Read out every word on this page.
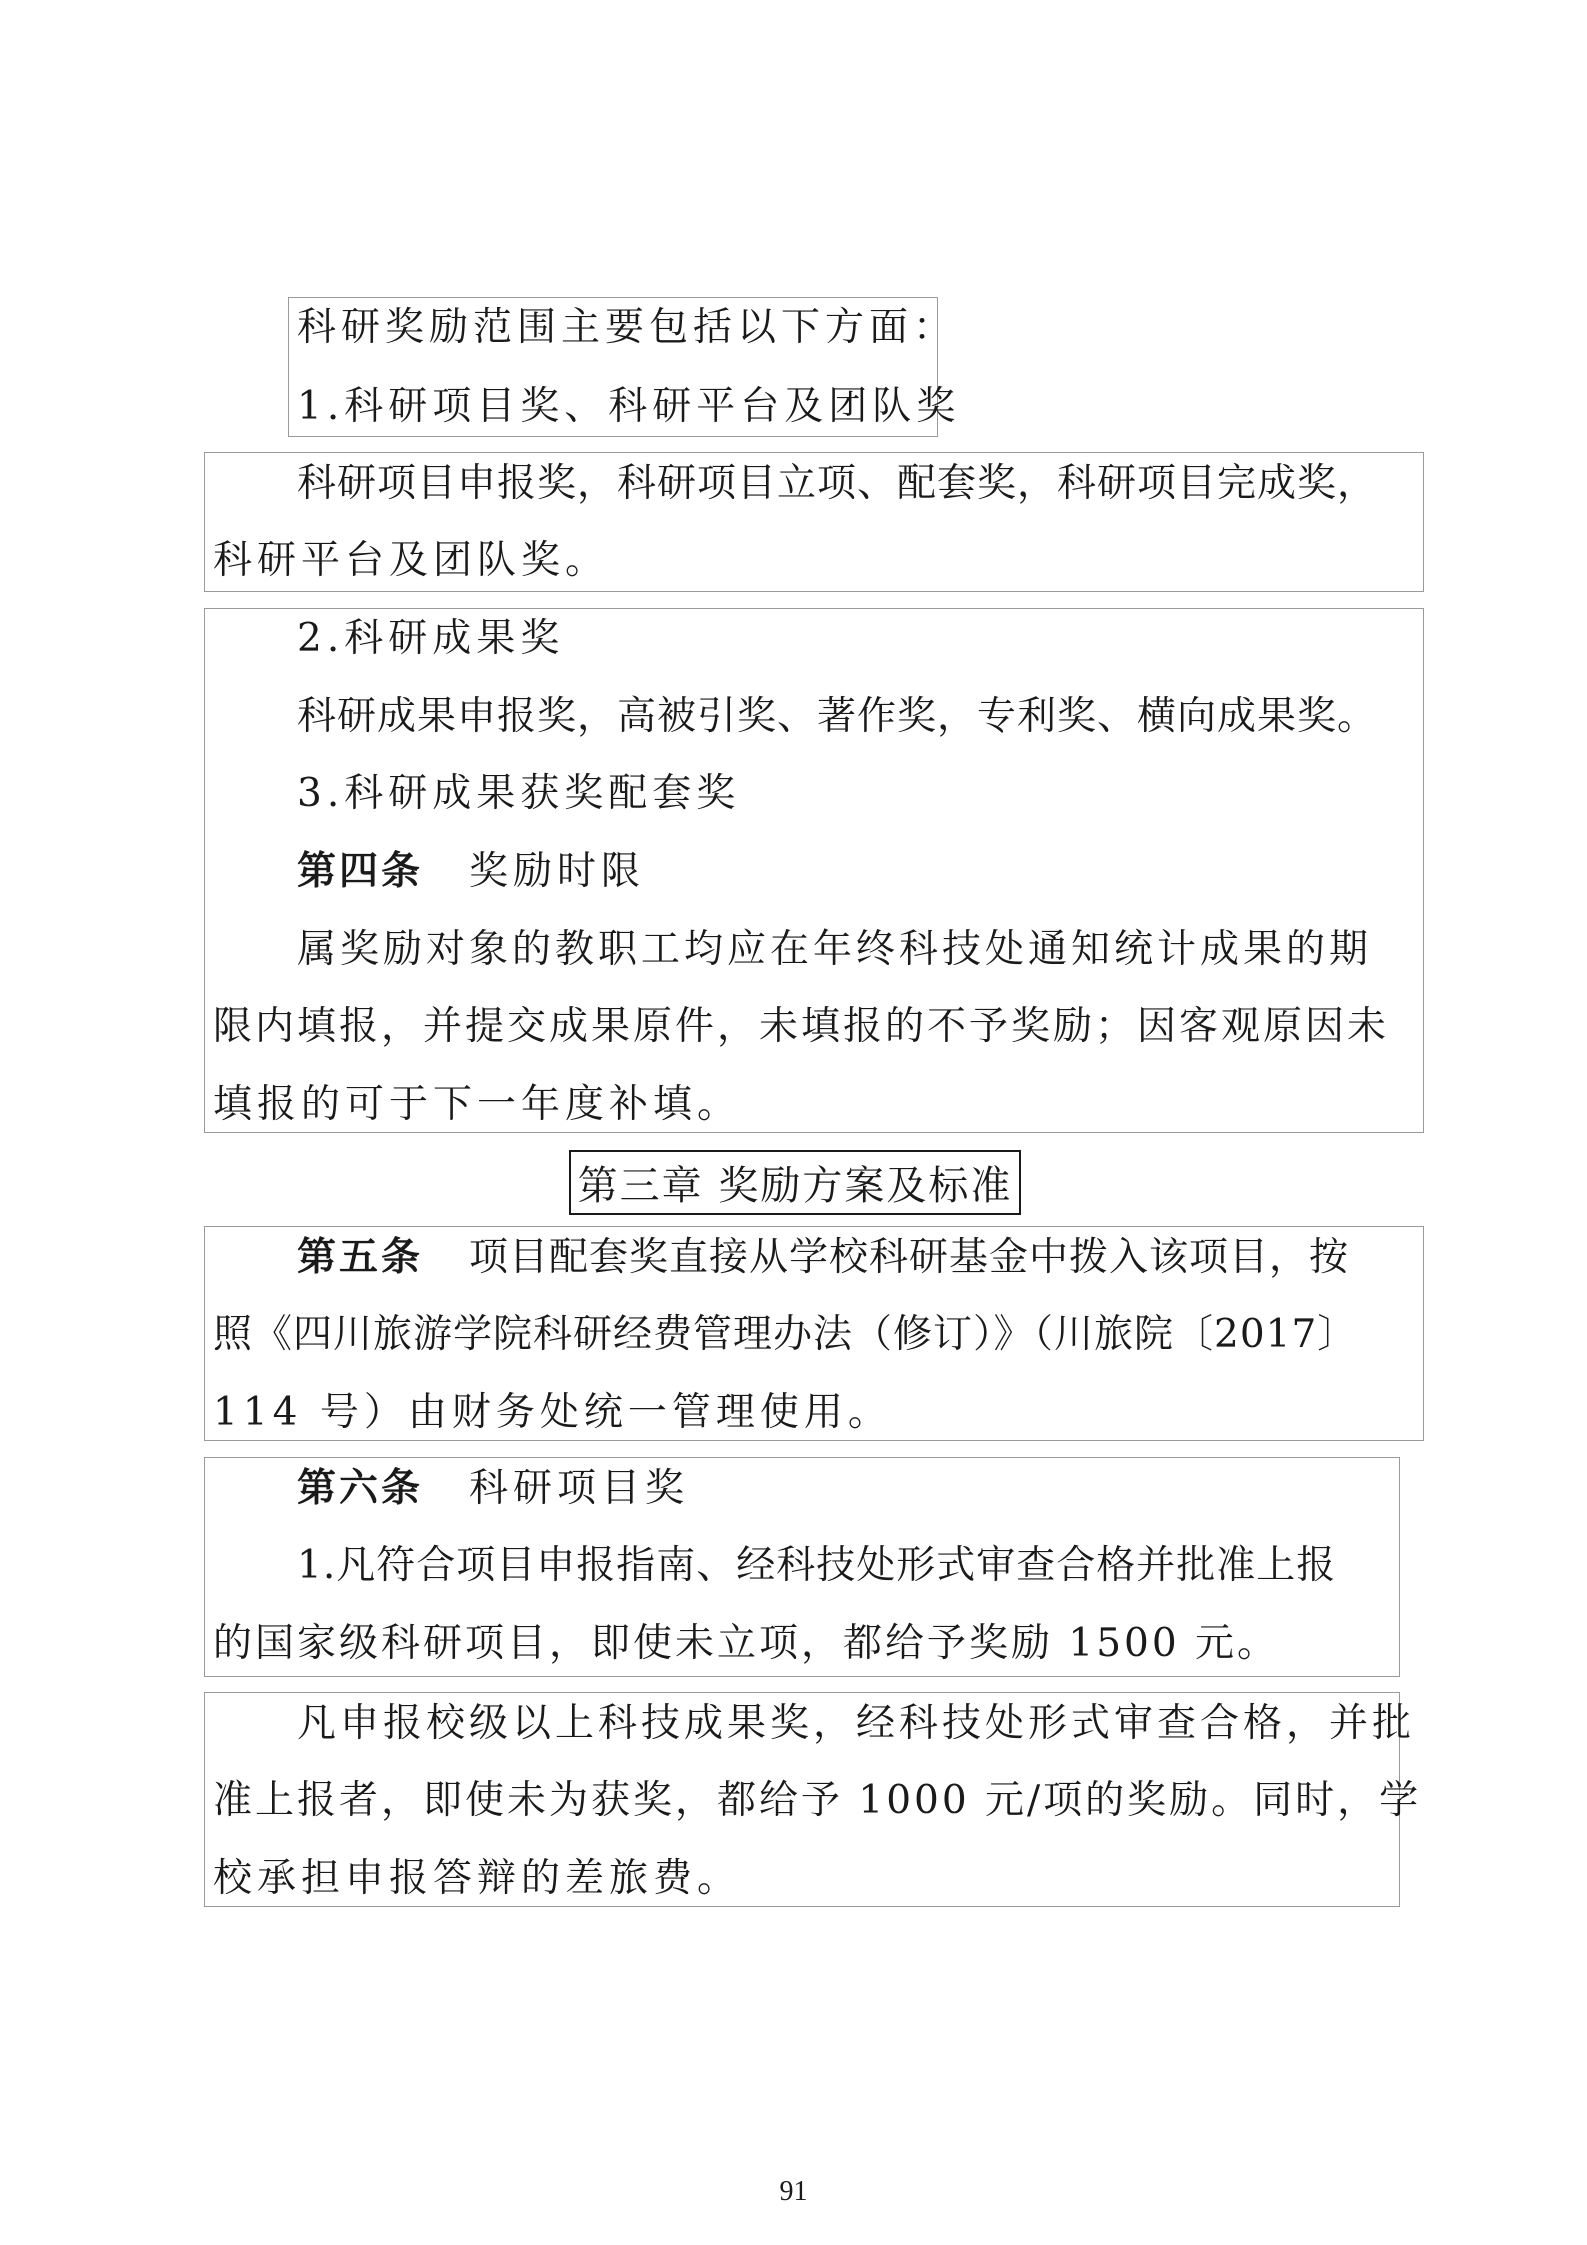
科研奖励范围主要包括以下方面：
1.科研项目奖、科研平台及团队奖
科研项目申报奖，科研项目立项、配套奖，科研项目完成奖，
科研平台及团队奖。
2.科研成果奖
科研成果申报奖，高被引奖、著作奖，专利奖、横向成果奖。
3.科研成果获奖配套奖
第四条 奖励时限
属奖励对象的教职工均应在年终科技处通知统计成果的期
限内填报，并提交成果原件，未填报的不予奖励；因客观原因未
填报的可于下一年度补填。
第三章 奖励方案及标准
第五条 项目配套奖直接从学校科研基金中拨入该项目，按
照《四川旅游学院科研经费管理办法（修订）》（川旅院〔2017〕
114 号）由财务处统一管理使用。
第六条 科研项目奖
1.凡符合项目申报指南、经科技处形式审查合格并批准上报
的国家级科研项目，即使未立项，都给予奖励 1500 元。
凡申报校级以上科技成果奖，经科技处形式审查合格，并批
准上报者，即使未为获奖，都给予 1000 元/项的奖励。同时，学
校承担申报答辩的差旅费。
91
